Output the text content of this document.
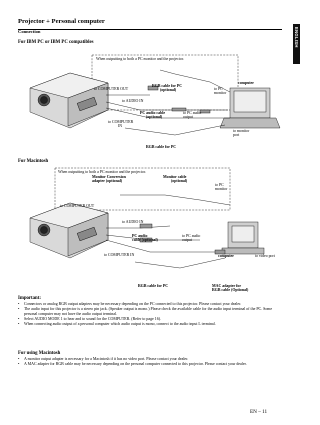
Projector + Personal computer
Connection	ENGLISH
For IBM PC or IBM PC compatibles
When outputting to both a PC monitor and the projector.
computer
to COMPUTER OUT
RGB cable for PC
(optional)	to PC
monitor
to AUDIO IN
PC audio cable
(optional)
to PC audio
output
to COMPUTER
IN
to monitor
port
RGB cable for PC
For Macintosh
When outputting to both a PC monitor and the projector.
Monitor Conversion
adapter (optional)
Monitor cable
(optional)
to PC
monitor
to COMPUTER OUT
to AUDIO IN
PC audio
cable (optional)
to PC audio
output
to COMPUTER IN	computer	to video port
RGB cable for PC	MAC adapter for
RGB cable (Optional)
Important:
• Connectors or analog RGB output adapters may be necessary depending on the PC connected to this projector. Please contact your dealer.
• The audio input for this projector is a stereo pin jack. (Speaker output is mono.) Please check the available cable for the audio input terminal of the PC. Some personal computer may not have the audio output terminal.
• Select AUDIO MODE 1 to hear and to sound for the COMPUTER. (Refer to page 16).
• When connecting audio output of a personal computer which audio output is mono, connect to the audio input L terminal.
For using Macintosh
• A monitor output adapter is necessary for a Macintosh if it has no video port. Please contact your dealer.
• A MAC adapter for RGB cable may be necessary depending on the personal computer connected to this projector. Please contact your dealer.
EN – 11
